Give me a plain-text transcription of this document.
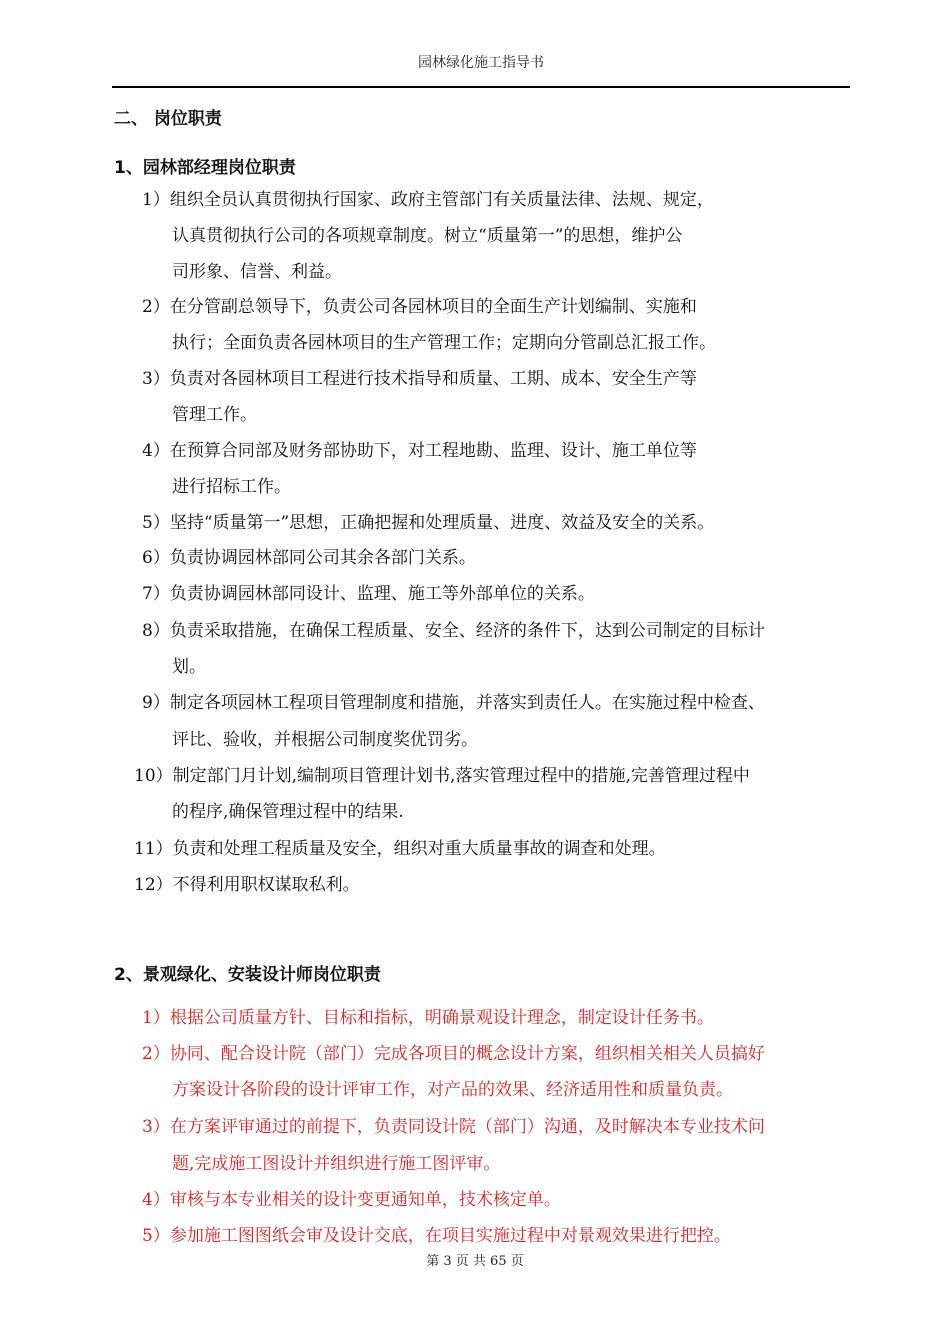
园林绿化施工指导书
二、 岗位职责
1、园林部经理岗位职责
1）组织全员认真贯彻执行国家、政府主管部门有关质量法律、法规、规定，
认真贯彻执行公司的各项规章制度。树立“质量第一”的思想，维护公
司形象、信誉、利益。
2）在分管副总领导下，负责公司各园林项目的全面生产计划编制、实施和
执行；全面负责各园林项目的生产管理工作；定期向分管副总汇报工作。
3）负责对各园林项目工程进行技术指导和质量、工期、成本、安全生产等
管理工作。
4）在预算合同部及财务部协助下，对工程地勘、监理、设计、施工单位等
进行招标工作。
5）坚持“质量第一”思想，正确把握和处理质量、进度、效益及安全的关系。
6）负责协调园林部同公司其余各部门关系。
7）负责协调园林部同设计、监理、施工等外部单位的关系。
8）负责采取措施，在确保工程质量、安全、经济的条件下，达到公司制定的目标计
划。
9）制定各项园林工程项目管理制度和措施，并落实到责任人。在实施过程中检查、
评比、验收，并根据公司制度奖优罚劣。
10）制定部门月计划,编制项目管理计划书,落实管理过程中的措施,完善管理过程中
的程序,确保管理过程中的结果.
11）负责和处理工程质量及安全，组织对重大质量事故的调查和处理。
12）不得利用职权谋取私利。
2、景观绿化、安装设计师岗位职责
1）根据公司质量方针、目标和指标，明确景观设计理念，制定设计任务书。
2）协同、配合设计院（部门）完成各项目的概念设计方案，组织相关相关人员搞好
方案设计各阶段的设计评审工作，对产品的效果、经济适用性和质量负责。
3）在方案评审通过的前提下，负责同设计院（部门）沟通，及时解决本专业技术问
题,完成施工图设计并组织进行施工图评审。
4）审核与本专业相关的设计变更通知单，技术核定单。
5）参加施工图图纸会审及设计交底，在项目实施过程中对景观效果进行把控。
第 3 页 共 65 页
